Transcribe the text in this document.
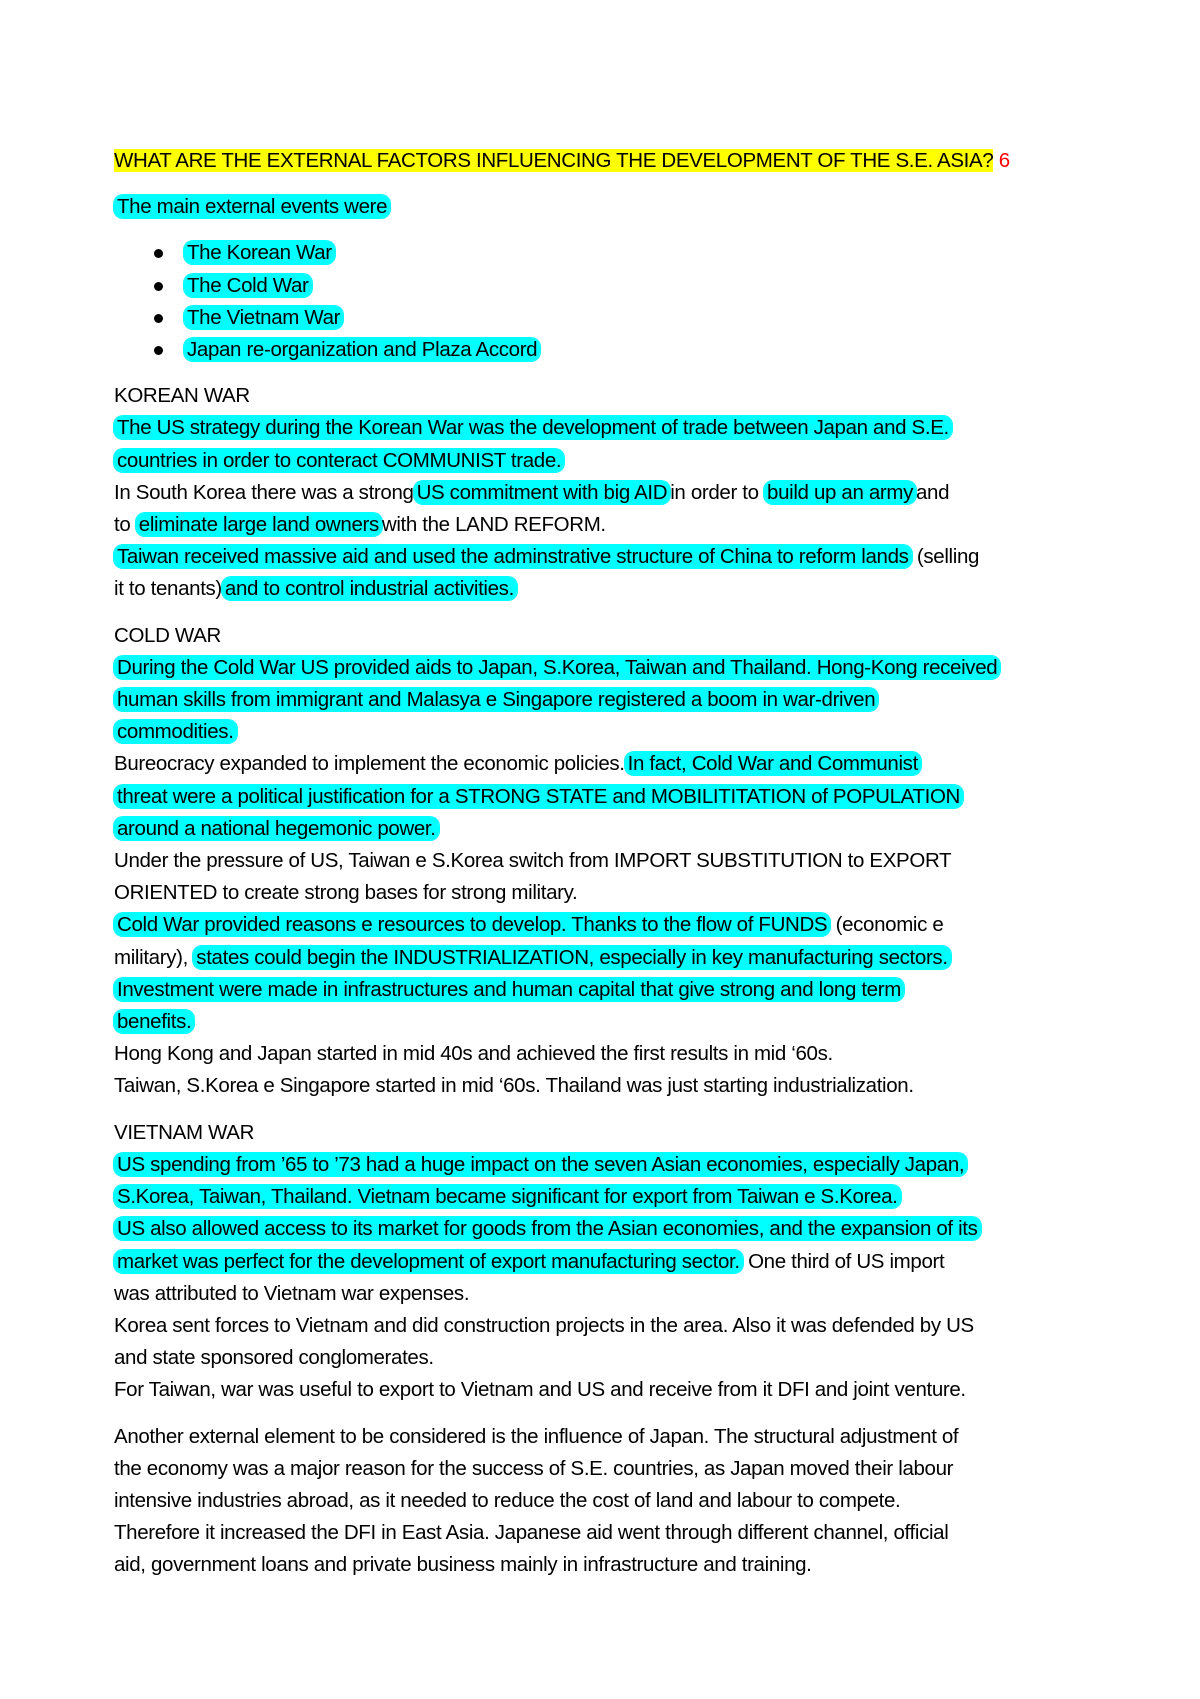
WHAT ARE THE EXTERNAL FACTORS INFLUENCING THE DEVELOPMENT OF THE S.E. ASIA? 6
The main external events were
The Korean War
The Cold War
The Vietnam War
Japan re-organization and Plaza Accord
KOREAN WAR
The US strategy during the Korean War was the development of trade between Japan and S.E.
countries in order to conteract COMMUNIST trade.
In South Korea there was a strong US commitment with big AID in order to build up an army and
to eliminate large land owners with the LAND REFORM.
Taiwan received massive aid and used the adminstrative structure of China to reform lands (selling
it to tenants) and to control industrial activities.
COLD WAR
During the Cold War US provided aids to Japan, S.Korea, Taiwan and Thailand. Hong-Kong received
human skills from immigrant and Malasya e Singapore registered a boom in war-driven
commodities.
Bureocracy expanded to implement the economic policies. In fact, Cold War and Communist
threat were a political justification for a STRONG STATE and MOBILITITATION of POPULATION
around a national hegemonic power.
Under the pressure of US, Taiwan e S.Korea switch from IMPORT SUBSTITUTION to EXPORT
ORIENTED to create strong bases for strong military.
Cold War provided reasons e resources to develop. Thanks to the flow of FUNDS (economic e
military), states could begin the INDUSTRIALIZATION, especially in key manufacturing sectors.
Investment were made in infrastructures and human capital that give strong and long term
benefits.
Hong Kong and Japan started in mid 40s and achieved the first results in mid ‘60s.
Taiwan, S.Korea e Singapore started in mid ‘60s. Thailand was just starting industrialization.
VIETNAM WAR
US spending from ’65 to ’73 had a huge impact on the seven Asian economies, especially Japan,
S.Korea, Taiwan, Thailand. Vietnam became significant for export from Taiwan e S.Korea.
US also allowed access to its market for goods from the Asian economies, and the expansion of its
market was perfect for the development of export manufacturing sector. One third of US import
was attributed to Vietnam war expenses.
Korea sent forces to Vietnam and did construction projects in the area. Also it was defended by US
and state sponsored conglomerates.
For Taiwan, war was useful to export to Vietnam and US and receive from it DFI and joint venture.
Another external element to be considered is the influence of Japan. The structural adjustment of
the economy was a major reason for the success of S.E. countries, as Japan moved their labour
intensive industries abroad, as it needed to reduce the cost of land and labour to compete.
Therefore it increased the DFI in East Asia. Japanese aid went through different channel, official
aid, government loans and private business mainly in infrastructure and training.
